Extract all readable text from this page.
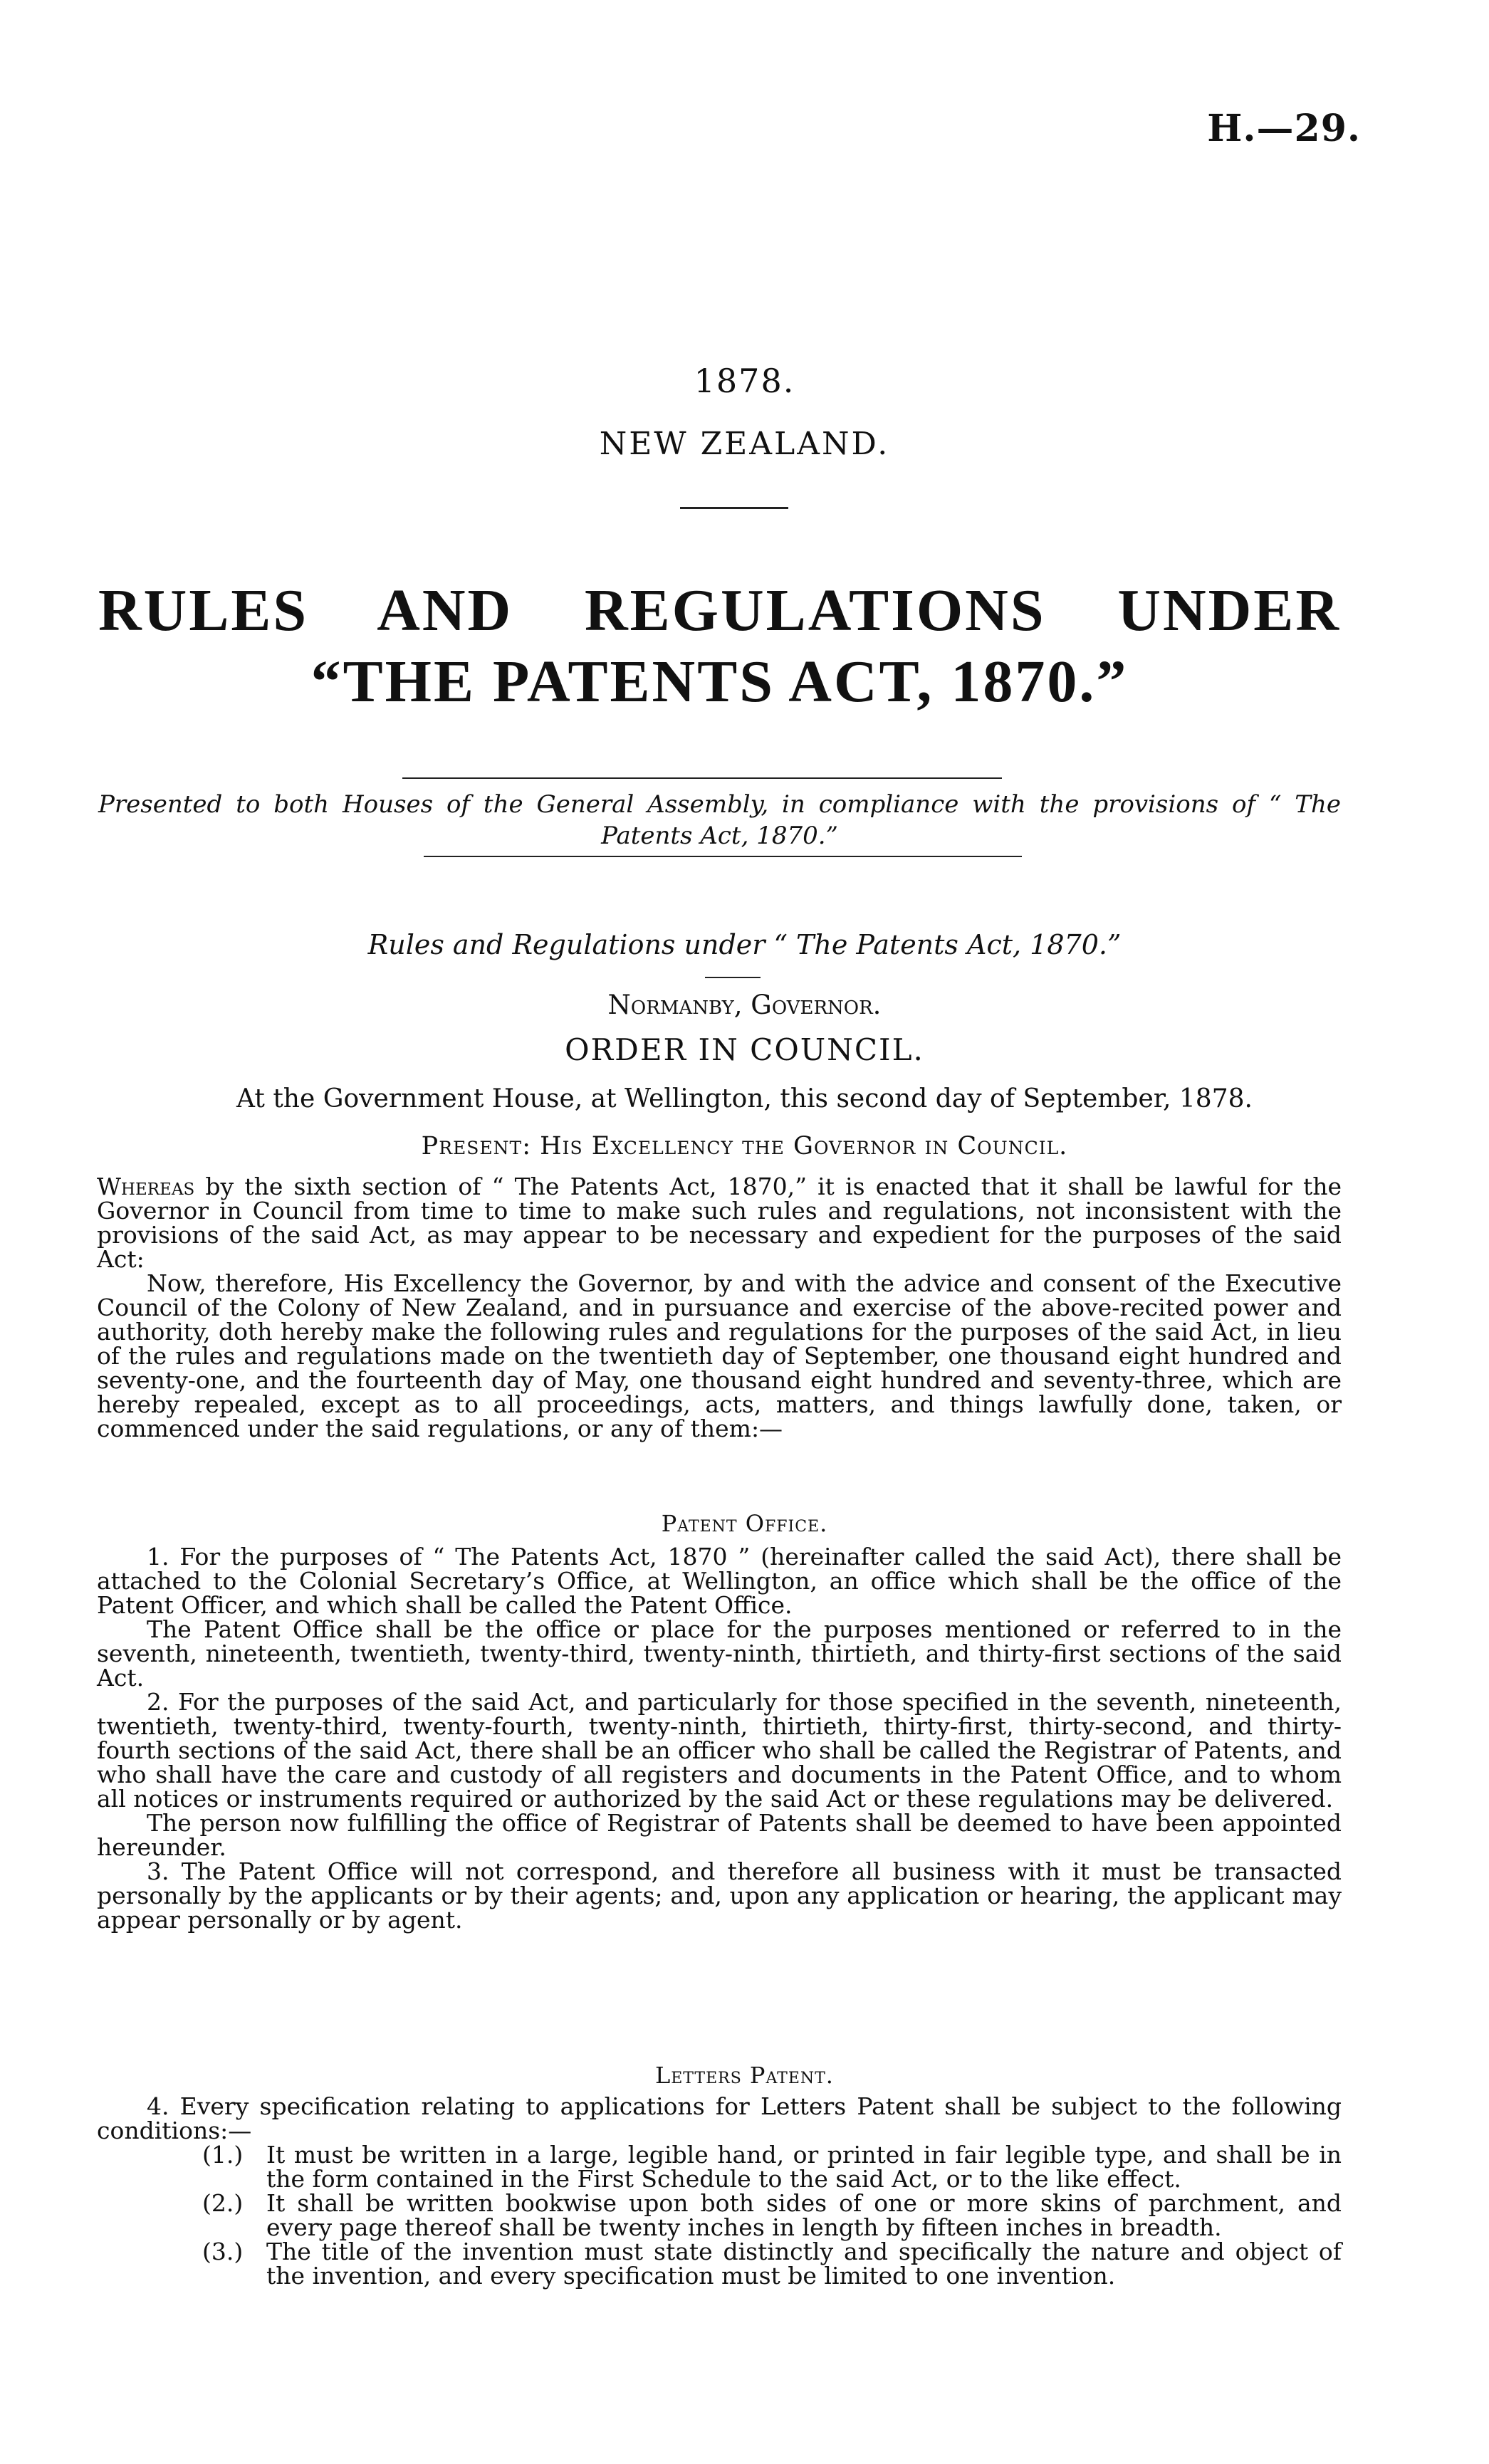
H.—29.
1878.
NEW ZEALAND.
RULES AND REGULATIONS UNDER “THE PATENTS ACT, 1870.”
Presented to both Houses of the General Assembly, in compliance with the provisions of “ The Patents Act, 1870.”
Rules and Regulations under “ The Patents Act, 1870.”
Normanby, Governor.
ORDER IN COUNCIL.
At the Government House, at Wellington, this second day of September, 1878.
Present: His Excellency the Governor in Council.

Whereas by the sixth section of “ The Patents Act, 1870,” it is enacted that it shall be lawful for the Governor in Council from time to time to make such rules and regulations, not inconsistent with the provisions of the said Act, as may appear to be necessary and expedient for the purposes of the said Act:

Now, therefore, His Excellency the Governor, by and with the advice and consent of the Executive Council of the Colony of New Zealand, and in pursuance and exercise of the above-recited power and authority, doth hereby make the following rules and regulations for the purposes of the said Act, in lieu of the rules and regulations made on the twentieth day of September, one thousand eight hundred and seventy-one, and the fourteenth day of May, one thousand eight hundred and seventy-three, which are hereby repealed, except as to all proceedings, acts, matters, and things lawfully done, taken, or commenced under the said regulations, or any of them:—

Patent Office.

1. For the purposes of “ The Patents Act, 1870 ” (hereinafter called the said Act), there shall be attached to the Colonial Secretary’s Office, at Wellington, an office which shall be the office of the Patent Officer, and which shall be called the Patent Office.

The Patent Office shall be the office or place for the purposes mentioned or referred to in the seventh, nineteenth, twentieth, twenty-third, twenty-ninth, thirtieth, and thirty-first sections of the said Act.

2. For the purposes of the said Act, and particularly for those specified in the seventh, nineteenth, twentieth, twenty-third, twenty-fourth, twenty-ninth, thirtieth, thirty-first, thirty-second, and thirty-fourth sections of the said Act, there shall be an officer who shall be called the Registrar of Patents, and who shall have the care and custody of all registers and documents in the Patent Office, and to whom all notices or instruments required or authorized by the said Act or these regulations may be delivered.

The person now fulfilling the office of Registrar of Patents shall be deemed to have been appointed hereunder.

3. The Patent Office will not correspond, and therefore all business with it must be transacted personally by the applicants or by their agents; and, upon any application or hearing, the applicant may appear personally or by agent.

Letters Patent.

4. Every specification relating to applications for Letters Patent shall be subject to the following conditions:—

(1.) It must be written in a large, legible hand, or printed in fair legible type, and shall be in the form contained in the First Schedule to the said Act, or to the like effect.
(2.) It shall be written bookwise upon both sides of one or more skins of parchment, and every page thereof shall be twenty inches in length by fifteen inches in breadth.
(3.) The title of the invention must state distinctly and specifically the nature and object of the invention, and every specification must be limited to one invention.
